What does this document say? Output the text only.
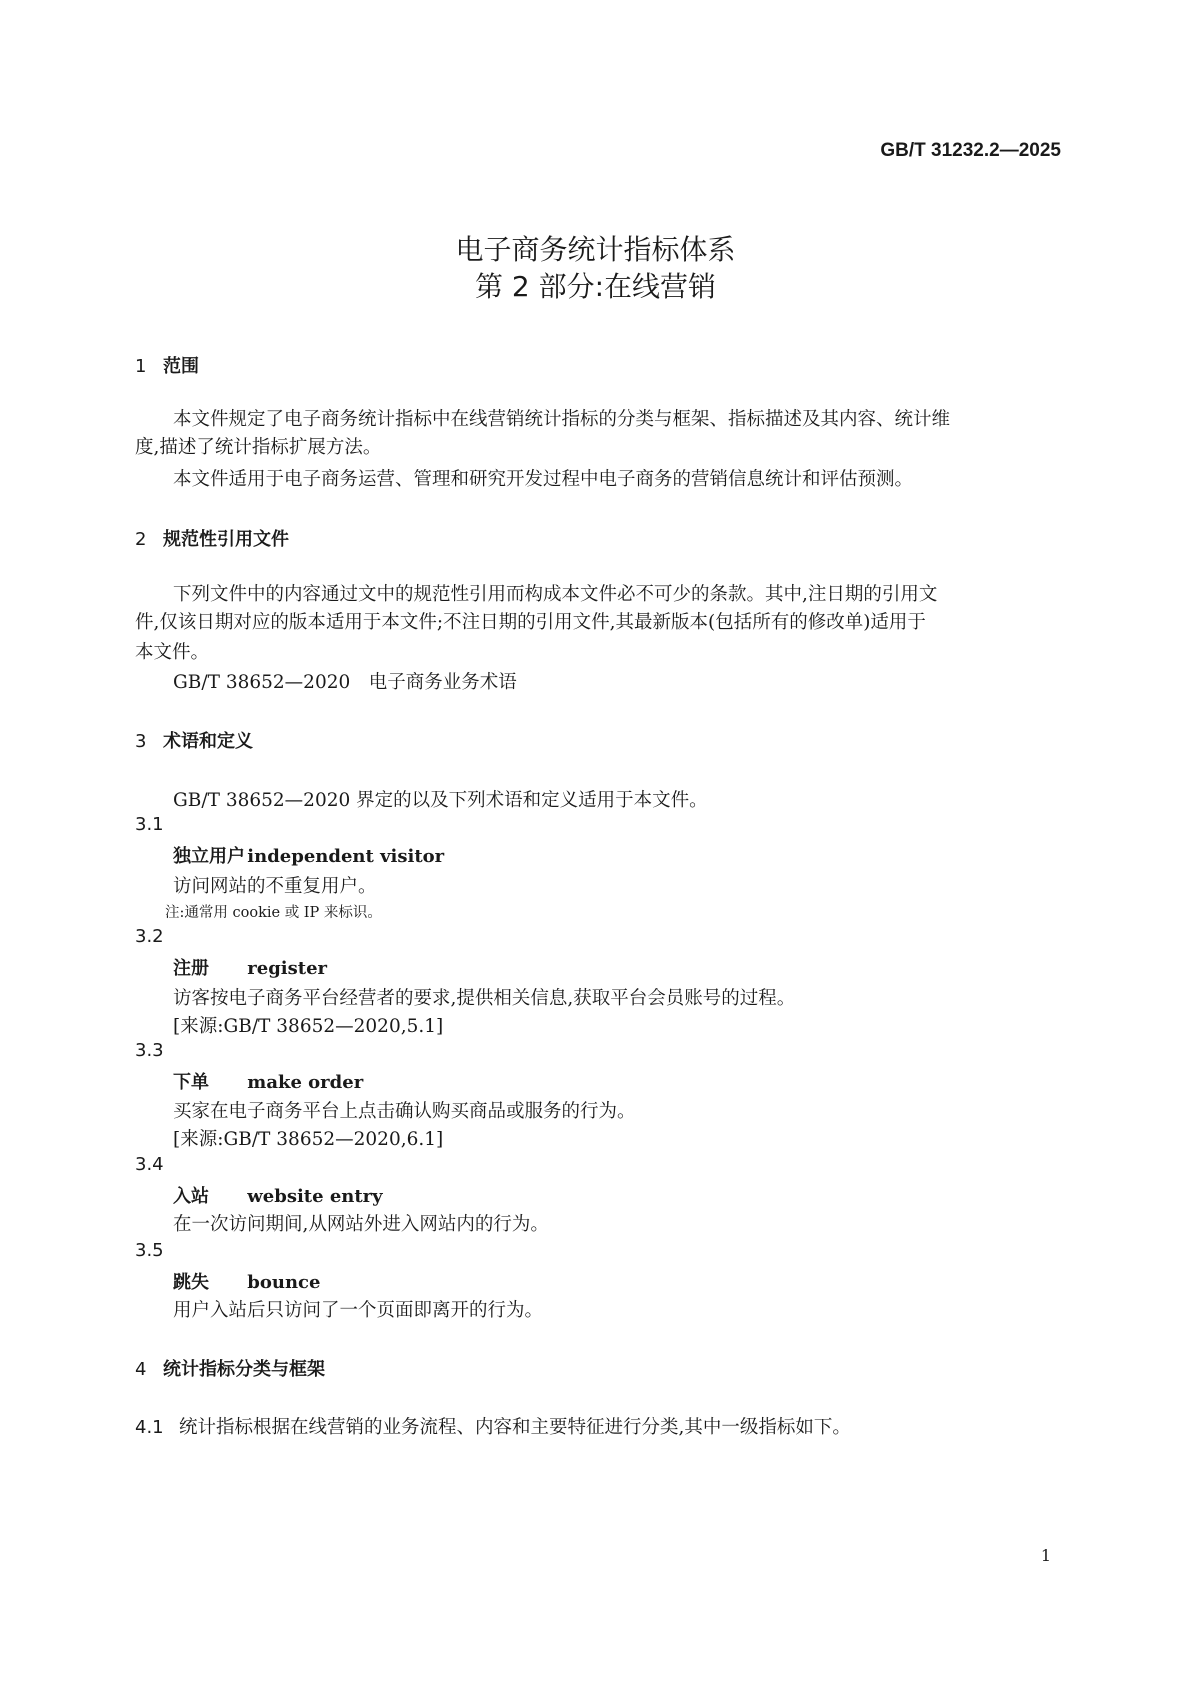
GB/T 31232.2—2025
电子商务统计指标体系
第 2 部分:在线营销
1 范围
本文件规定了电子商务统计指标中在线营销统计指标的分类与框架、指标描述及其内容、统计维
度,描述了统计指标扩展方法。
本文件适用于电子商务运营、管理和研究开发过程中电子商务的营销信息统计和评估预测。
2 规范性引用文件
下列文件中的内容通过文中的规范性引用而构成本文件必不可少的条款。其中,注日期的引用文
件,仅该日期对应的版本适用于本文件;不注日期的引用文件,其最新版本(包括所有的修改单)适用于
本文件。
GB/T 38652—2020　电子商务业务术语
3 术语和定义
GB/T 38652—2020 界定的以及下列术语和定义适用于本文件。
3.1
独立用户 independent visitor
访问网站的不重复用户。
注:通常用 cookie 或 IP 来标识。
3.2
注册 register
访客按电子商务平台经营者的要求,提供相关信息,获取平台会员账号的过程。
[来源:GB/T 38652—2020,5.1]
3.3
下单 make order
买家在电子商务平台上点击确认购买商品或服务的行为。
[来源:GB/T 38652—2020,6.1]
3.4
入站 website entry
在一次访问期间,从网站外进入网站内的行为。
3.5
跳失 bounce
用户入站后只访问了一个页面即离开的行为。
4 统计指标分类与框架
4.1 统计指标根据在线营销的业务流程、内容和主要特征进行分类,其中一级指标如下。
1
